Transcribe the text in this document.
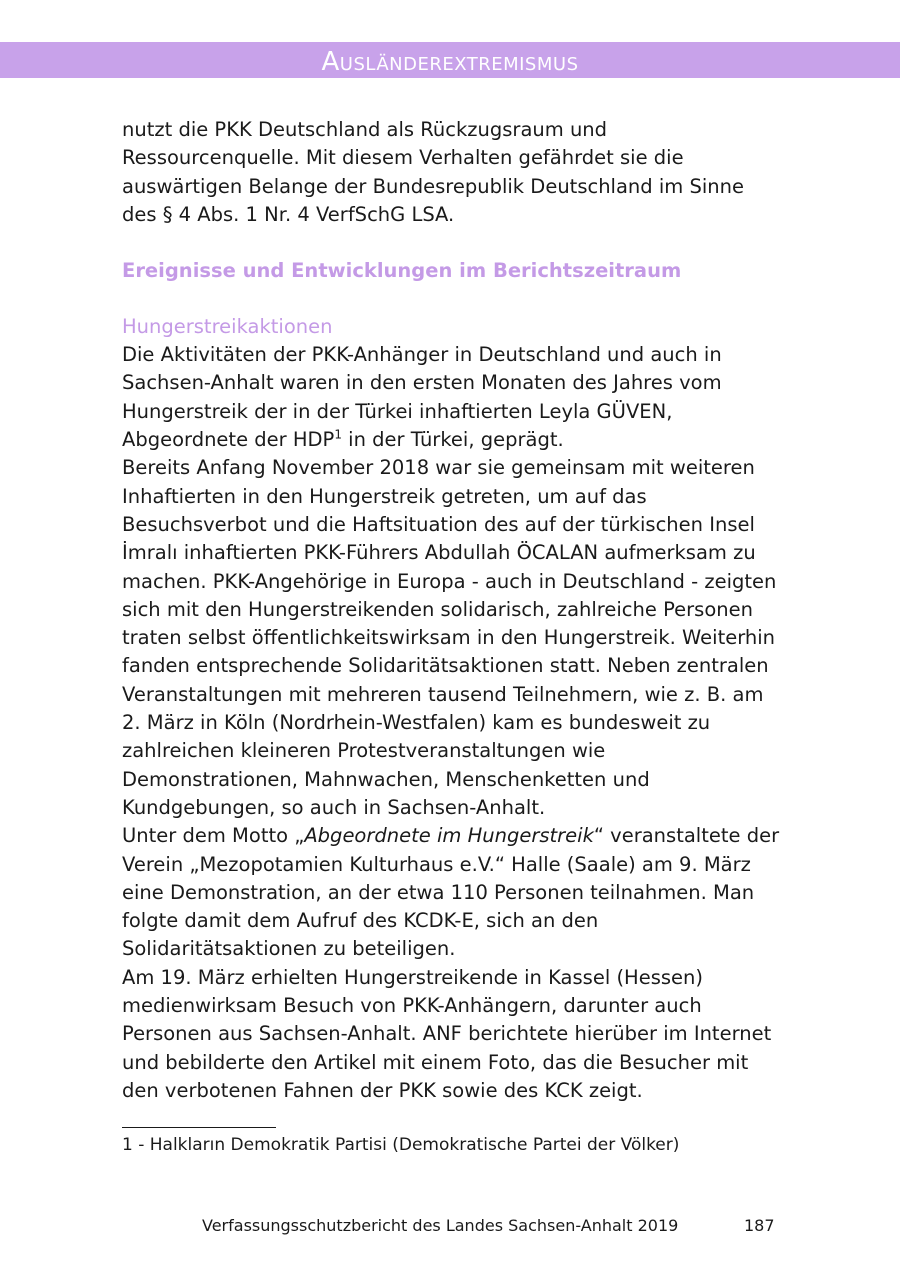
Ausländerextremismus

nutzt die PKK Deutschland als Rückzugsraum und Ressourcenquelle. Mit diesem Verhalten gefährdet sie die auswärtigen Belange der Bundesrepublik Deutschland im Sinne des § 4 Abs. 1 Nr. 4 VerfSchG LSA.

Ereignisse und Entwicklungen im Berichtszeitraum
Hungerstreikaktionen

Die Aktivitäten der PKK-Anhänger in Deutschland und auch in Sachsen-Anhalt waren in den ersten Monaten des Jahres vom Hungerstreik der in der Türkei inhaftierten Leyla GÜVEN, Abgeordnete der HDP$^1$ in der Türkei, geprägt.

Bereits Anfang November 2018 war sie gemeinsam mit weiteren Inhaftierten in den Hungerstreik getreten, um auf das Besuchsverbot und die Haftsituation des auf der türkischen Insel İmralı inhaftierten PKK-Führers Abdullah ÖCALAN aufmerksam zu machen. PKK-Angehörige in Europa - auch in Deutschland - zeigten sich mit den Hungerstreikenden solidarisch, zahlreiche Personen traten selbst öffentlichkeitswirksam in den Hungerstreik. Weiterhin fanden entsprechende Solidaritätsaktionen statt. Neben zentralen Veranstaltungen mit mehreren tausend Teilnehmern, wie z. B. am 2. März in Köln (Nordrhein-Westfalen) kam es bundesweit zu zahlreichen kleineren Protestveranstaltungen wie Demonstrationen, Mahnwachen, Menschenketten und Kundgebungen, so auch in Sachsen-Anhalt.

Unter dem Motto „Abgeordnete im Hungerstreik“ veranstaltete der Verein „Mezopotamien Kulturhaus e.V.“ Halle (Saale) am 9. März eine Demonstration, an der etwa 110 Personen teilnahmen. Man folgte damit dem Aufruf des KCDK-E, sich an den Solidaritätsaktionen zu beteiligen.

Am 19. März erhielten Hungerstreikende in Kassel (Hessen) medienwirksam Besuch von PKK-Anhängern, darunter auch Personen aus Sachsen-Anhalt. ANF berichtete hierüber im Internet und bebilderte den Artikel mit einem Foto, das die Besucher mit den verbotenen Fahnen der PKK sowie des KCK zeigt.

1 - Halkların Demokratik Partisi (Demokratische Partei der Völker)
Verfassungsschutzbericht des Landes Sachsen-Anhalt 2019	187
